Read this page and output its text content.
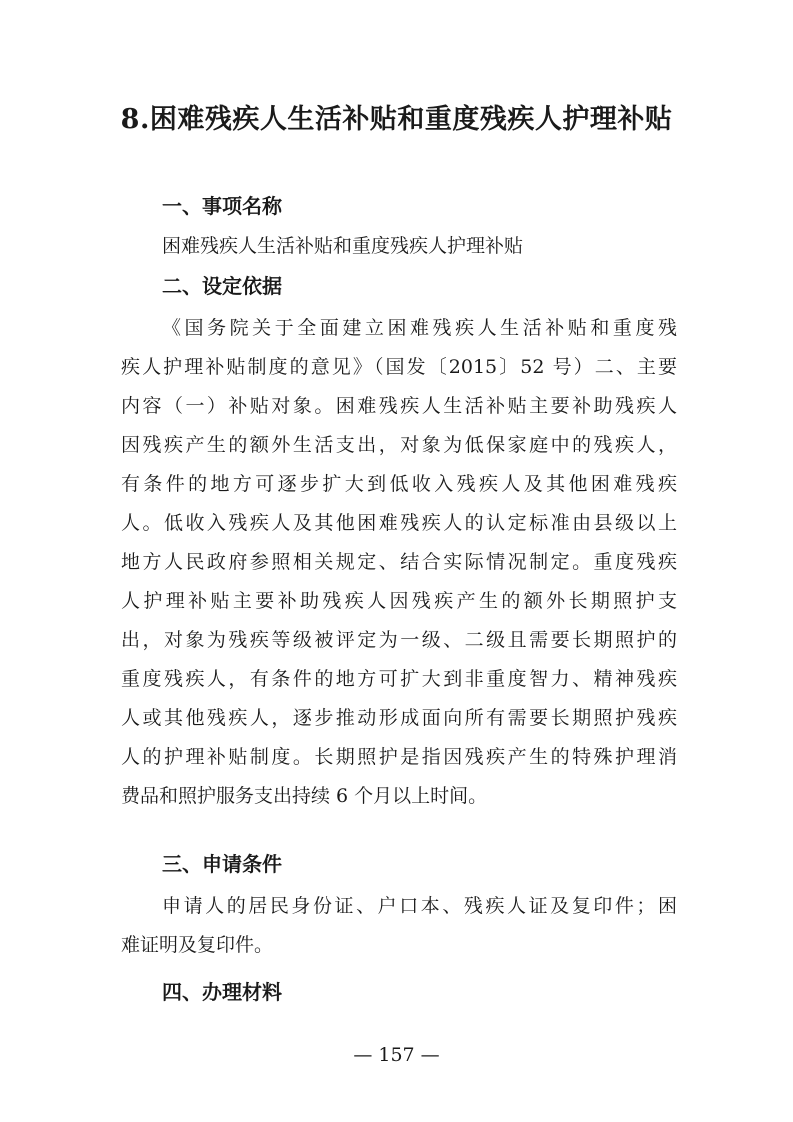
8.困难残疾人生活补贴和重度残疾人护理补贴
一、事项名称
困难残疾人生活补贴和重度残疾人护理补贴
二、设定依据
《国务院关于全面建立困难残疾人生活补贴和重度残
疾人护理补贴制度的意见》（国发〔2015〕52 号）二、主要
内容（一）补贴对象。困难残疾人生活补贴主要补助残疾人
因残疾产生的额外生活支出，对象为低保家庭中的残疾人，
有条件的地方可逐步扩大到低收入残疾人及其他困难残疾
人。低收入残疾人及其他困难残疾人的认定标准由县级以上
地方人民政府参照相关规定、结合实际情况制定。重度残疾
人护理补贴主要补助残疾人因残疾产生的额外长期照护支
出，对象为残疾等级被评定为一级、二级且需要长期照护的
重度残疾人，有条件的地方可扩大到非重度智力、精神残疾
人或其他残疾人，逐步推动形成面向所有需要长期照护残疾
人的护理补贴制度。长期照护是指因残疾产生的特殊护理消
费品和照护服务支出持续 6 个月以上时间。
三、申请条件
申请人的居民身份证、户口本、残疾人证及复印件；困
难证明及复印件。
四、办理材料
— 157 —
